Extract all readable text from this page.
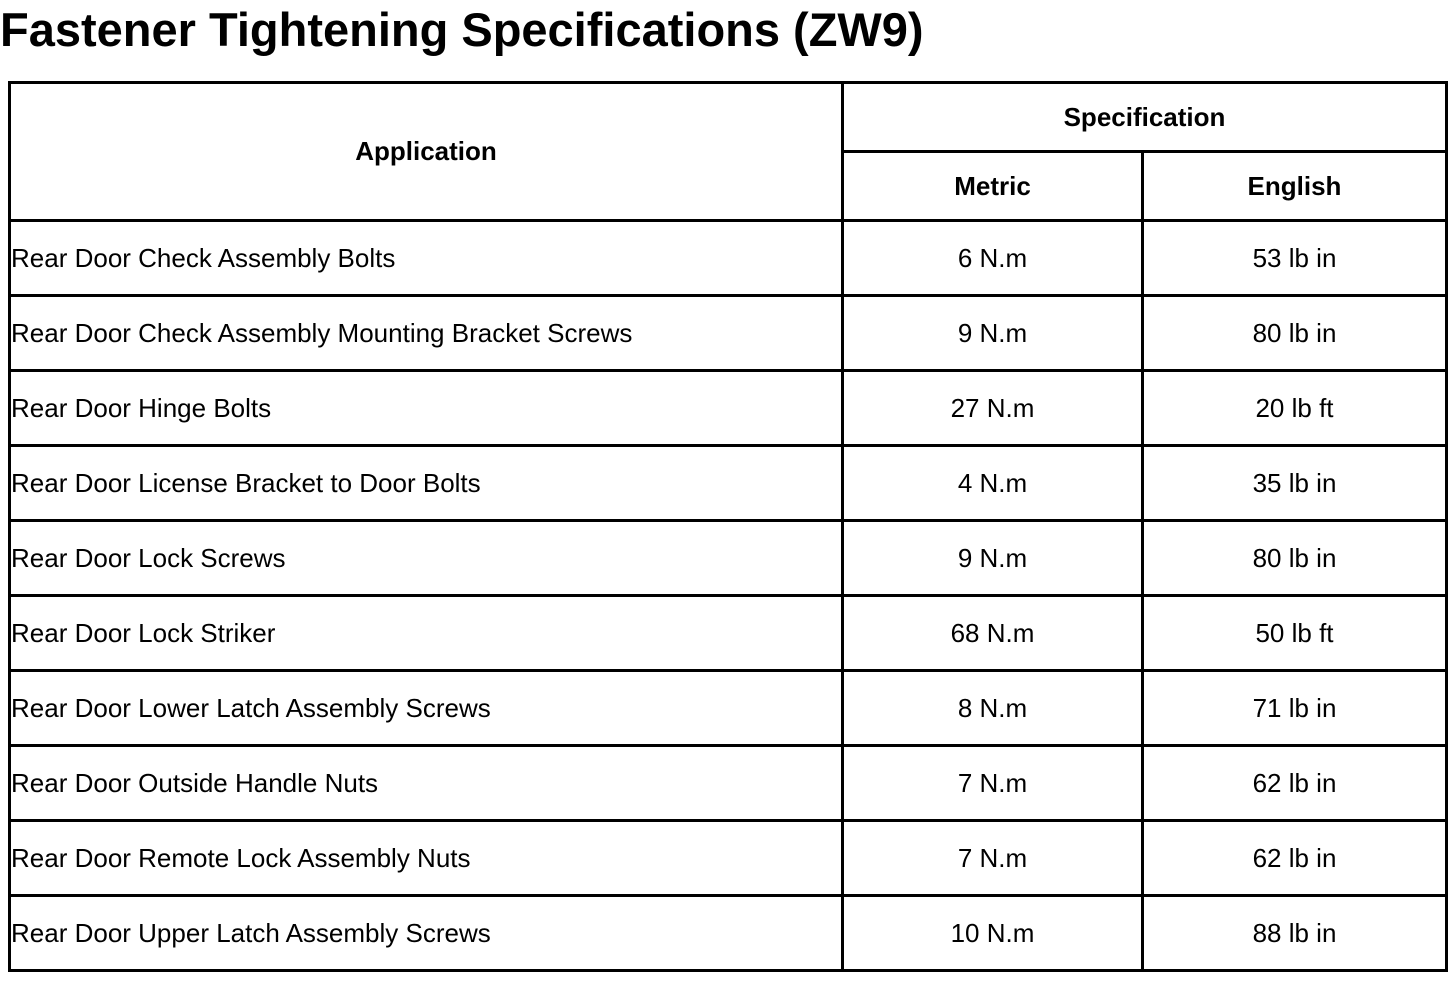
Fastener Tightening Specifications (ZW9)
Application	Specification	
	Metric	English
Rear Door Check Assembly Bolts	6 N.m	53 lb in
Rear Door Check Assembly Mounting Bracket Screws	9 N.m	80 lb in
Rear Door Hinge Bolts	27 N.m	20 lb ft
Rear Door License Bracket to Door Bolts	4 N.m	35 lb in
Rear Door Lock Screws	9 N.m	80 lb in
Rear Door Lock Striker	68 N.m	50 lb ft
Rear Door Lower Latch Assembly Screws	8 N.m	71 lb in
Rear Door Outside Handle Nuts	7 N.m	62 lb in
Rear Door Remote Lock Assembly Nuts	7 N.m	62 lb in
Rear Door Upper Latch Assembly Screws	10 N.m	88 lb in
